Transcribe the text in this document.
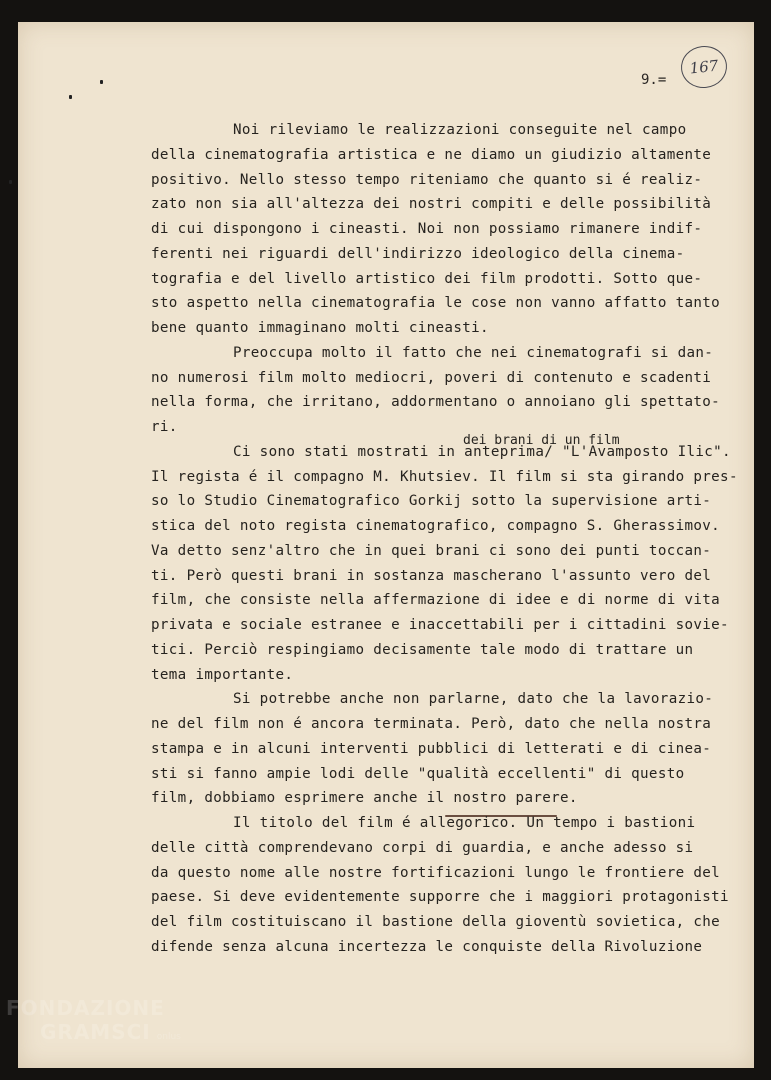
9.=
167
Noi rileviamo le realizzazioni conseguite nel campo
della cinematografia artistica e ne diamo un giudizio altamente
positivo. Nello stesso tempo riteniamo che quanto si é realiz-
zato non sia all'altezza dei nostri compiti e delle possibilità
di cui dispongono i cineasti. Noi non possiamo rimanere indif-
ferenti nei riguardi dell'indirizzo ideologico della cinema-
tografia e del livello artistico dei film prodotti. Sotto que-
sto aspetto nella cinematografia le cose non vanno affatto tanto
bene quanto immaginano molti cineasti.
Preoccupa molto il fatto che nei cinematografi si dan-
no numerosi film molto mediocri, poveri di contenuto e scadenti
nella forma, che irritano, addormentano o annoiano gli spettato-
ri.
dei brani di un film
Ci sono stati mostrati in anteprima/ "L'Avamposto Ilic".
Il regista é il compagno M. Khutsiev. Il film si sta girando pres-
so lo Studio Cinematografico Gorkij sotto la supervisione arti-
stica del noto regista cinematografico, compagno S. Gherassimov.
Va detto senz'altro che in quei brani ci sono dei punti toccan-
ti. Però questi brani in sostanza mascherano l'assunto vero del
film, che consiste nella affermazione di idee e di norme di vita
privata e sociale estranee e inaccettabili per i cittadini sovie-
tici. Perciò respingiamo decisamente tale modo di trattare un
tema importante.
Si potrebbe anche non parlarne, dato che la lavorazio-
ne del film non é ancora terminata. Però, dato che nella nostra
stampa e in alcuni interventi pubblici di letterati e di cinea-
sti si fanno ampie lodi delle "qualità eccellenti" di questo
film, dobbiamo esprimere anche il nostro parere.
Il titolo del film é allegorico. Un tempo i bastioni
delle città comprendevano corpi di guardia, e anche adesso si
da questo nome alle nostre fortificazioni lungo le frontiere del
paese. Si deve evidentemente supporre che i maggiori protagonisti
del film costituiscano il bastione della gioventù sovietica, che
difende senza alcuna incertezza le conquiste della Rivoluzione
FONDAZIONE
GRAMSCI onlus
